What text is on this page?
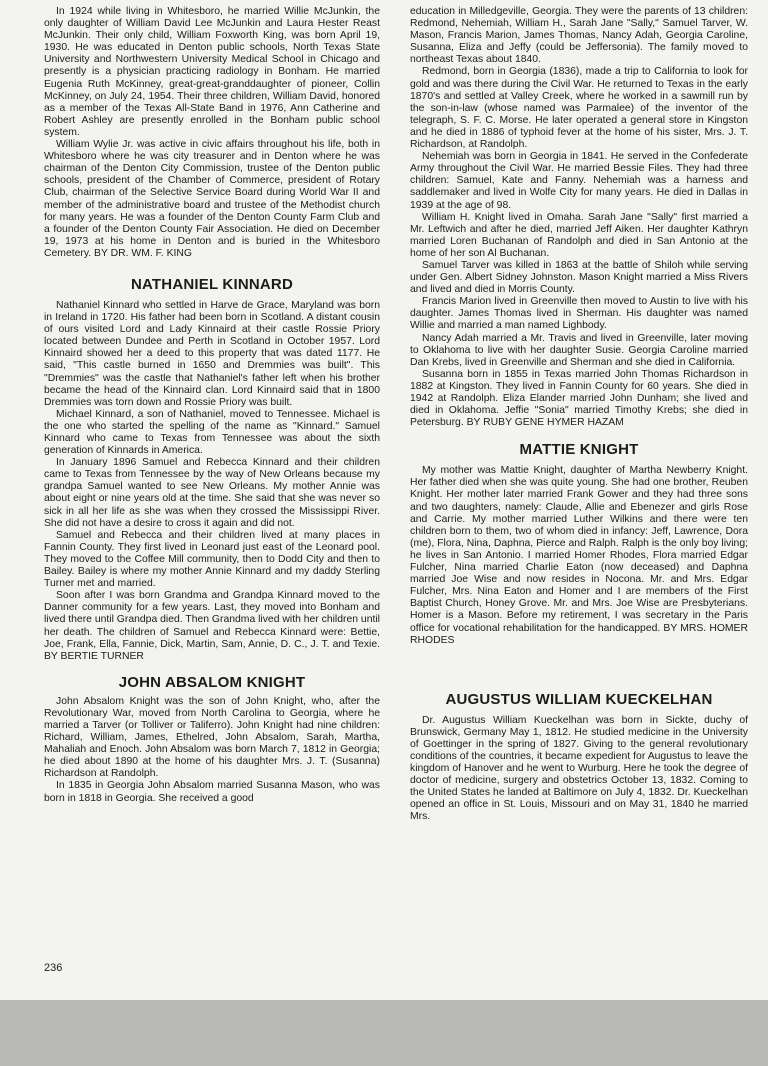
In 1924 while living in Whitesboro, he married Willie McJunkin, the only daughter of William David Lee McJunkin and Laura Hester Reast McJunkin. Their only child, William Foxworth King, was born April 19, 1930. He was educated in Denton public schools, North Texas State University and Northwestern University Medical School in Chicago and presently is a physician practicing radiology in Bonham. He married Eugenia Ruth McKinney, great-great-granddaughter of pioneer, Collin McKinney, on July 24, 1954. Their three children, William David, honored as a member of the Texas All-State Band in 1976, Ann Catherine and Robert Ashley are presently enrolled in the Bonham public school system.

William Wylie Jr. was active in civic affairs throughout his life, both in Whitesboro where he was city treasurer and in Denton where he was chairman of the Denton City Commission, trustee of the Denton public schools, president of the Chamber of Commerce, president of Rotary Club, chairman of the Selective Service Board during World War II and member of the administrative board and trustee of the Methodist church for many years. He was a founder of the Denton County Farm Club and a founder of the Denton County Fair Association. He died on December 19, 1973 at his home in Denton and is buried in the Whitesboro Cemetery. BY DR. WM. F. KING

NATHANIEL KINNARD

Nathaniel Kinnard who settled in Harve de Grace, Maryland was born in Ireland in 1720. His father had been born in Scotland. A distant cousin of ours visited Lord and Lady Kinnaird at their castle Rossie Priory located between Dundee and Perth in Scotland in October 1957. Lord Kinnaird showed her a deed to this property that was dated 1177. He said, "This castle burned in 1650 and Dremmies was built". This "Dremmies" was the castle that Nathaniel's father left when his brother became the head of the Kinnaird clan. Lord Kinnaird said that in 1800 Dremmies was torn down and Rossie Priory was built.

Michael Kinnard, a son of Nathaniel, moved to Tennessee. Michael is the one who started the spelling of the name as "Kinnard." Samuel Kinnard who came to Texas from Tennessee was about the sixth generation of Kinnards in America.

In January 1896 Samuel and Rebecca Kinnard and their children came to Texas from Tennessee by the way of New Orleans because my grandpa Samuel wanted to see New Orleans. My mother Annie was about eight or nine years old at the time. She said that she was never so sick in all her life as she was when they crossed the Mississippi River. She did not have a desire to cross it again and did not.

Samuel and Rebecca and their children lived at many places in Fannin County. They first lived in Leonard just east of the Leonard pool. They moved to the Coffee Mill community, then to Dodd City and then to Bailey. Bailey is where my mother Annie Kinnard and my daddy Sterling Turner met and married.

Soon after I was born Grandma and Grandpa Kinnard moved to the Danner community for a few years. Last, they moved into Bonham and lived there until Grandpa died. Then Grandma lived with her children until her death. The children of Samuel and Rebecca Kinnard were: Bettie, Joe, Frank, Ella, Fannie, Dick, Martin, Sam, Annie, D. C., J. T. and Texie. BY BERTIE TURNER

JOHN ABSALOM KNIGHT

John Absalom Knight was the son of John Knight, who, after the Revolutionary War, moved from North Carolina to Georgia, where he married a Tarver (or Tolliver or Taliferro). John Knight had nine children: Richard, William, James, Ethelred, John Absalom, Sarah, Martha, Mahaliah and Enoch. John Absalom was born March 7, 1812 in Georgia; he died about 1890 at the home of his daughter Mrs. J. T. (Susanna) Richardson at Randolph.

In 1835 in Georgia John Absalom married Susanna Mason, who was born in 1818 in Georgia. She received a good

education in Milledgeville, Georgia. They were the parents of 13 children: Redmond, Nehemiah, William H., Sarah Jane "Sally," Samuel Tarver, W. Mason, Francis Marion, James Thomas, Nancy Adah, Georgia Caroline, Susanna, Eliza and Jeffy (could be Jeffersonia). The family moved to northeast Texas about 1840.

Redmond, born in Georgia (1836), made a trip to California to look for gold and was there during the Civil War. He returned to Texas in the early 1870's and settled at Valley Creek, where he worked in a sawmill run by the son-in-law (whose named was Parmalee) of the inventor of the telegraph, S. F. C. Morse. He later operated a general store in Kingston and he died in 1886 of typhoid fever at the home of his sister, Mrs. J. T. Richardson, at Randolph.

Nehemiah was born in Georgia in 1841. He served in the Confederate Army throughout the Civil War. He married Bessie Files. They had three children: Samuel, Kate and Fanny. Nehemiah was a harness and saddlemaker and lived in Wolfe City for many years. He died in Dallas in 1939 at the age of 98.

William H. Knight lived in Omaha. Sarah Jane "Sally" first married a Mr. Leftwich and after he died, married Jeff Aiken. Her daughter Kathryn married Loren Buchanan of Randolph and died in San Antonio at the home of her son Al Buchanan.

Samuel Tarver was killed in 1863 at the battle of Shiloh while serving under Gen. Albert Sidney Johnston. Mason Knight married a Miss Rivers and lived and died in Morris County.

Francis Marion lived in Greenville then moved to Austin to live with his daughter. James Thomas lived in Sherman. His daughter was named Willie and married a man named Lighbody.

Nancy Adah married a Mr. Travis and lived in Greenville, later moving to Oklahoma to live with her daughter Susie. Georgia Caroline married Dan Krebs, lived in Greenville and Sherman and she died in California.

Susanna born in 1855 in Texas married John Thomas Richardson in 1882 at Kingston. They lived in Fannin County for 60 years. She died in 1942 at Randolph. Eliza Elander married John Dunham; she lived and died in Oklahoma. Jeffie "Sonia" married Timothy Krebs; she died in Petersburg. BY RUBY GENE HYMER HAZAM

MATTIE KNIGHT

My mother was Mattie Knight, daughter of Martha Newberry Knight. Her father died when she was quite young. She had one brother, Reuben Knight. Her mother later married Frank Gower and they had three sons and two daughters, namely: Claude, Allie and Ebenezer and girls Rose and Carrie. My mother married Luther Wilkins and there were ten children born to them, two of whom died in infancy: Jeff, Lawrence, Dora (me), Flora, Nina, Daphna, Pierce and Ralph. Ralph is the only boy living; he lives in San Antonio. I married Homer Rhodes, Flora married Edgar Fulcher, Nina married Charlie Eaton (now deceased) and Daphna married Joe Wise and now resides in Nocona. Mr. and Mrs. Edgar Fulcher, Mrs. Nina Eaton and Homer and I are members of the First Baptist Church, Honey Grove. Mr. and Mrs. Joe Wise are Presbyterians. Homer is a Mason. Before my retirement, I was secretary in the Paris office for vocational rehabilitation for the handicapped. BY MRS. HOMER RHODES

AUGUSTUS WILLIAM KUECKELHAN

Dr. Augustus William Kueckelhan was born in Sickte, duchy of Brunswick, Germany May 1, 1812. He studied medicine in the University of Goettinger in the spring of 1827. Giving to the general revolutionary conditions of the countries, it became expedient for Augustus to leave the kingdom of Hanover and he went to Wurburg. Here he took the degree of doctor of medicine, surgery and obstetrics October 13, 1832. Coming to the United States he landed at Baltimore on July 4, 1832. Dr. Kueckelhan opened an office in St. Louis, Missouri and on May 31, 1840 he married Mrs.

236
